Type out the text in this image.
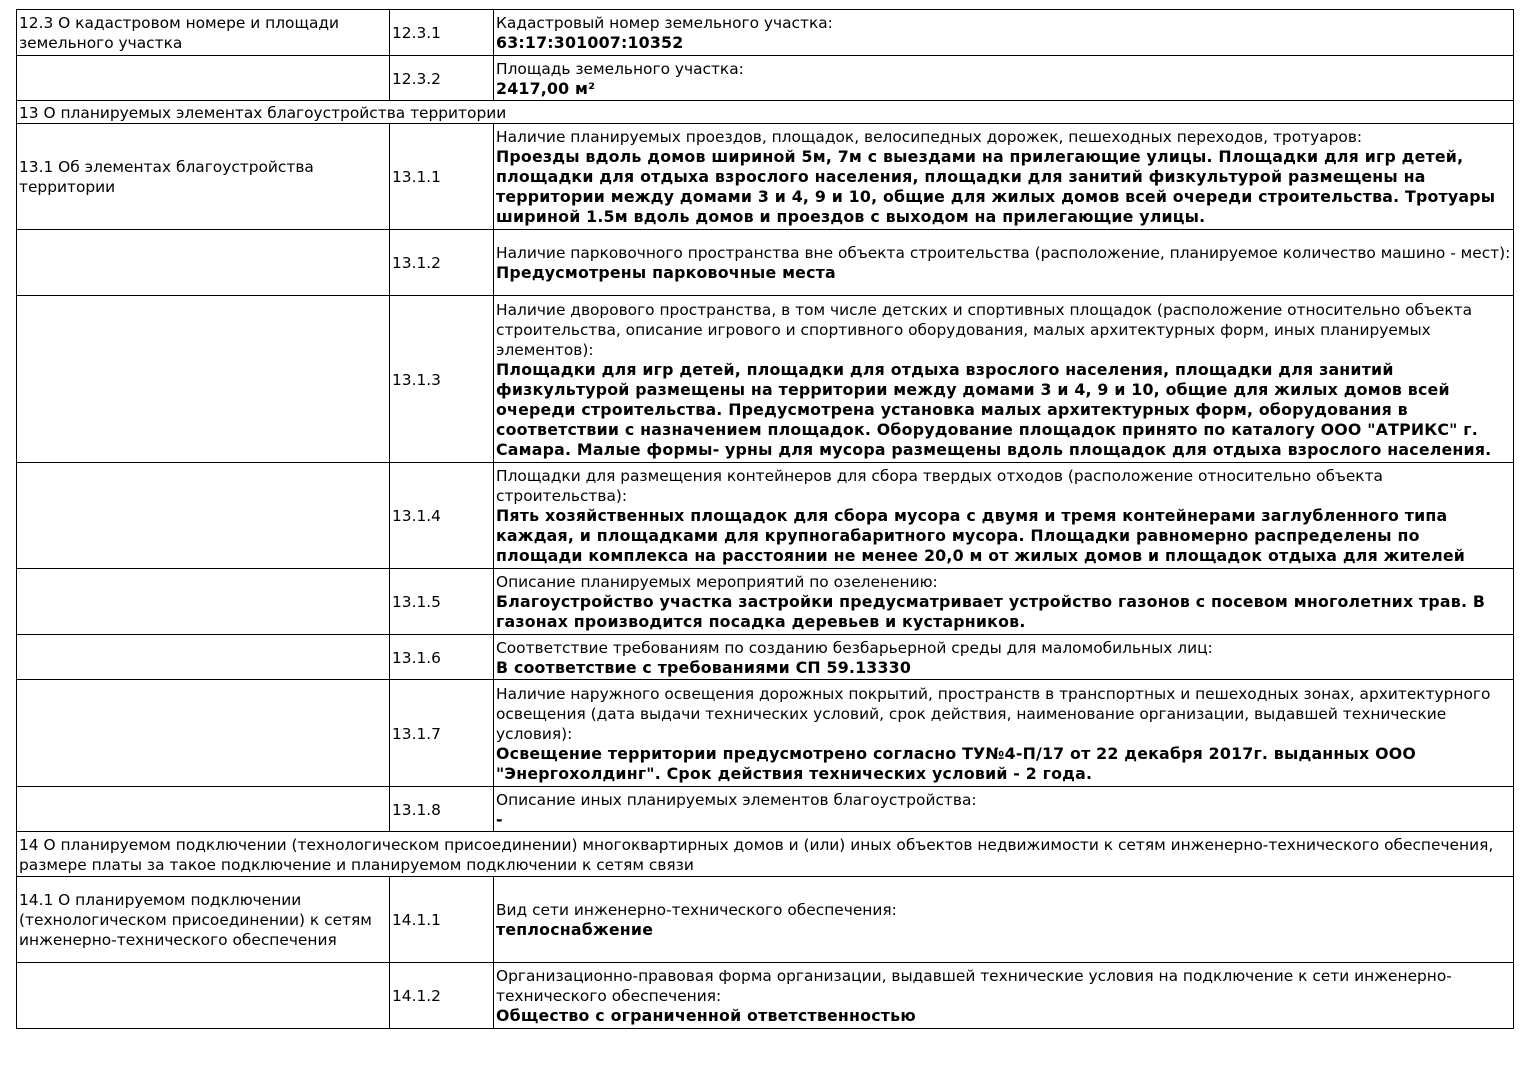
12.3 О кадастровом номере и площади земельного участка	12.3.1	Кадастровый номер земельного участка:
63:17:301007:10352

	12.3.2	Площадь земельного участка:
2417,00 м²

13 О планируемых элементах благоустройства территории		
13.1 Об элементах благоустройства территории	13.1.1	Наличие планируемых проездов, площадок, велосипедных дорожек, пешеходных переходов, тротуаров:
Проезды вдоль домов шириной 5м, 7м с выездами на прилегающие улицы. Площадки для игр детей, площадки для отдыха взрослого населения, площадки для занитий физкультурой размещены на территории между домами 3 и 4, 9 и 10, общие для жилых домов всей очереди строительства. Тротуары шириной 1.5м вдоль домов и проездов с выходом на прилегающие улицы.

	13.1.2	Наличие парковочного пространства вне объекта строительства (расположение, планируемое количество машино - мест):
Предусмотрены парковочные места

	13.1.3	Наличие дворового пространства, в том числе детских и спортивных площадок (расположение относительно объекта строительства, описание игрового и спортивного оборудования, малых архитектурных форм, иных планируемых элементов):
Площадки для игр детей, площадки для отдыха взрослого населения, площадки для занитий физкультурой размещены на территории между домами 3 и 4, 9 и 10, общие для жилых домов всей очереди строительства. Предусмотрена установка малых архитектурных форм, оборудования в соответствии с назначением площадок. Оборудование площадок принято по каталогу ООО "АТРИКС" г. Самара. Малые формы- урны для мусора размещены вдоль площадок для отдыха взрослого населения.

	13.1.4	Площадки для размещения контейнеров для сбора твердых отходов (расположение относительно объекта строительства):
Пять хозяйственных площадок для сбора мусора с двумя и тремя контейнерами заглубленного типа каждая, и площадками для крупногабаритного мусора. Площадки равномерно распределены по площади комплекса на расстоянии не менее 20,0 м от жилых домов и площадок отдыха для жителей

	13.1.5	Описание планируемых мероприятий по озеленению:
Благоустройство участка застройки предусматривает устройство газонов с посевом многолетних трав. В газонах производится посадка деревьев и кустарников.

	13.1.6	Соответствие требованиям по созданию безбарьерной среды для маломобильных лиц:
В соответствие с требованиями СП 59.13330

	13.1.7	Наличие наружного освещения дорожных покрытий, пространств в транспортных и пешеходных зонах, архитектурного освещения (дата выдачи технических условий, срок действия, наименование организации, выдавшей технические условия):
Освещение территории предусмотрено согласно ТУ№4-П/17 от 22 декабря 2017г. выданных ООО "Энергохолдинг". Срок действия технических условий - 2 года.

	13.1.8	Описание иных планируемых элементов благоустройства:
-

14 О планируемом подключении (технологическом присоединении) многоквартирных домов и (или) иных объектов недвижимости к сетям инженерно-технического обеспечения, размере платы за такое подключение и планируемом подключении к сетям связи		
14.1 О планируемом подключении (технологическом присоединении) к сетям инженерно-технического обеспечения	14.1.1	Вид сети инженерно-технического обеспечения:
теплоснабжение

	14.1.2	Организационно-правовая форма организации, выдавшей технические условия на подключение к сети инженерно-технического обеспечения:
Общество с ограниченной ответственностью
